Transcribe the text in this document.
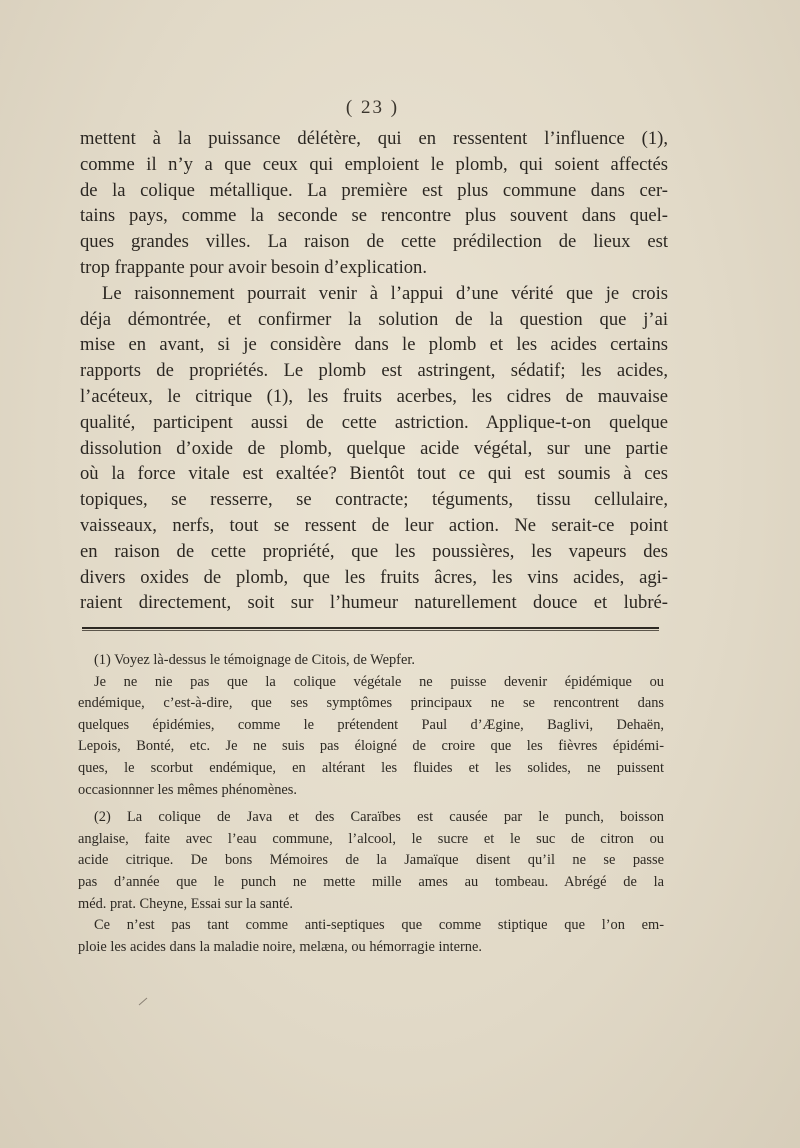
( 23 )

mettent à la puissance délétère, qui en ressentent l’influence (1),

comme il n’y a que ceux qui emploient le plomb, qui soient affectés

de la colique métallique. La première est plus commune dans cer-

tains pays, comme la seconde se rencontre plus souvent dans quel-

ques grandes villes. La raison de cette prédilection de lieux est

trop frappante pour avoir besoin d’explication.

Le raisonnement pourrait venir à l’appui d’une vérité que je crois

déja démontrée, et confirmer la solution de la question que j’ai

mise en avant, si je considère dans le plomb et les acides certains

rapports de propriétés. Le plomb est astringent, sédatif; les acides,

l’acéteux, le citrique (1), les fruits acerbes, les cidres de mauvaise

qualité, participent aussi de cette astriction. Applique-t-on quelque

dissolution d’oxide de plomb, quelque acide végétal, sur une partie

où la force vitale est exaltée? Bientôt tout ce qui est soumis à ces

topiques, se resserre, se contracte; téguments, tissu cellulaire,

vaisseaux, nerfs, tout se ressent de leur action. Ne serait-ce point

en raison de cette propriété, que les poussières, les vapeurs des

divers oxides de plomb, que les fruits âcres, les vins acides, agi-

raient directement, soit sur l’humeur naturellement douce et lubré-

(1) Voyez là-dessus le témoignage de Citois, de Wepfer.

Je ne nie pas que la colique végétale ne puisse devenir épidémique ou

endémique, c’est-à-dire, que ses symptômes principaux ne se rencontrent dans

quelques épidémies, comme le prétendent Paul d’Ægine, Baglivi, Dehaën,

Lepois, Bonté, etc. Je ne suis pas éloigné de croire que les fièvres épidémi-

ques, le scorbut endémique, en altérant les fluides et les solides, ne puissent

occasionnner les mêmes phénomènes.

(2) La colique de Java et des Caraïbes est causée par le punch, boisson

anglaise, faite avec l’eau commune, l’alcool, le sucre et le suc de citron ou

acide citrique. De bons Mémoires de la Jamaïque disent qu’il ne se passe

pas d’année que le punch ne mette mille ames au tombeau. Abrégé de la

méd. prat. Cheyne, Essai sur la santé.

Ce n’est pas tant comme anti-septiques que comme stiptique que l’on em-

ploie les acides dans la maladie noire, melæna, ou hémorragie interne.
